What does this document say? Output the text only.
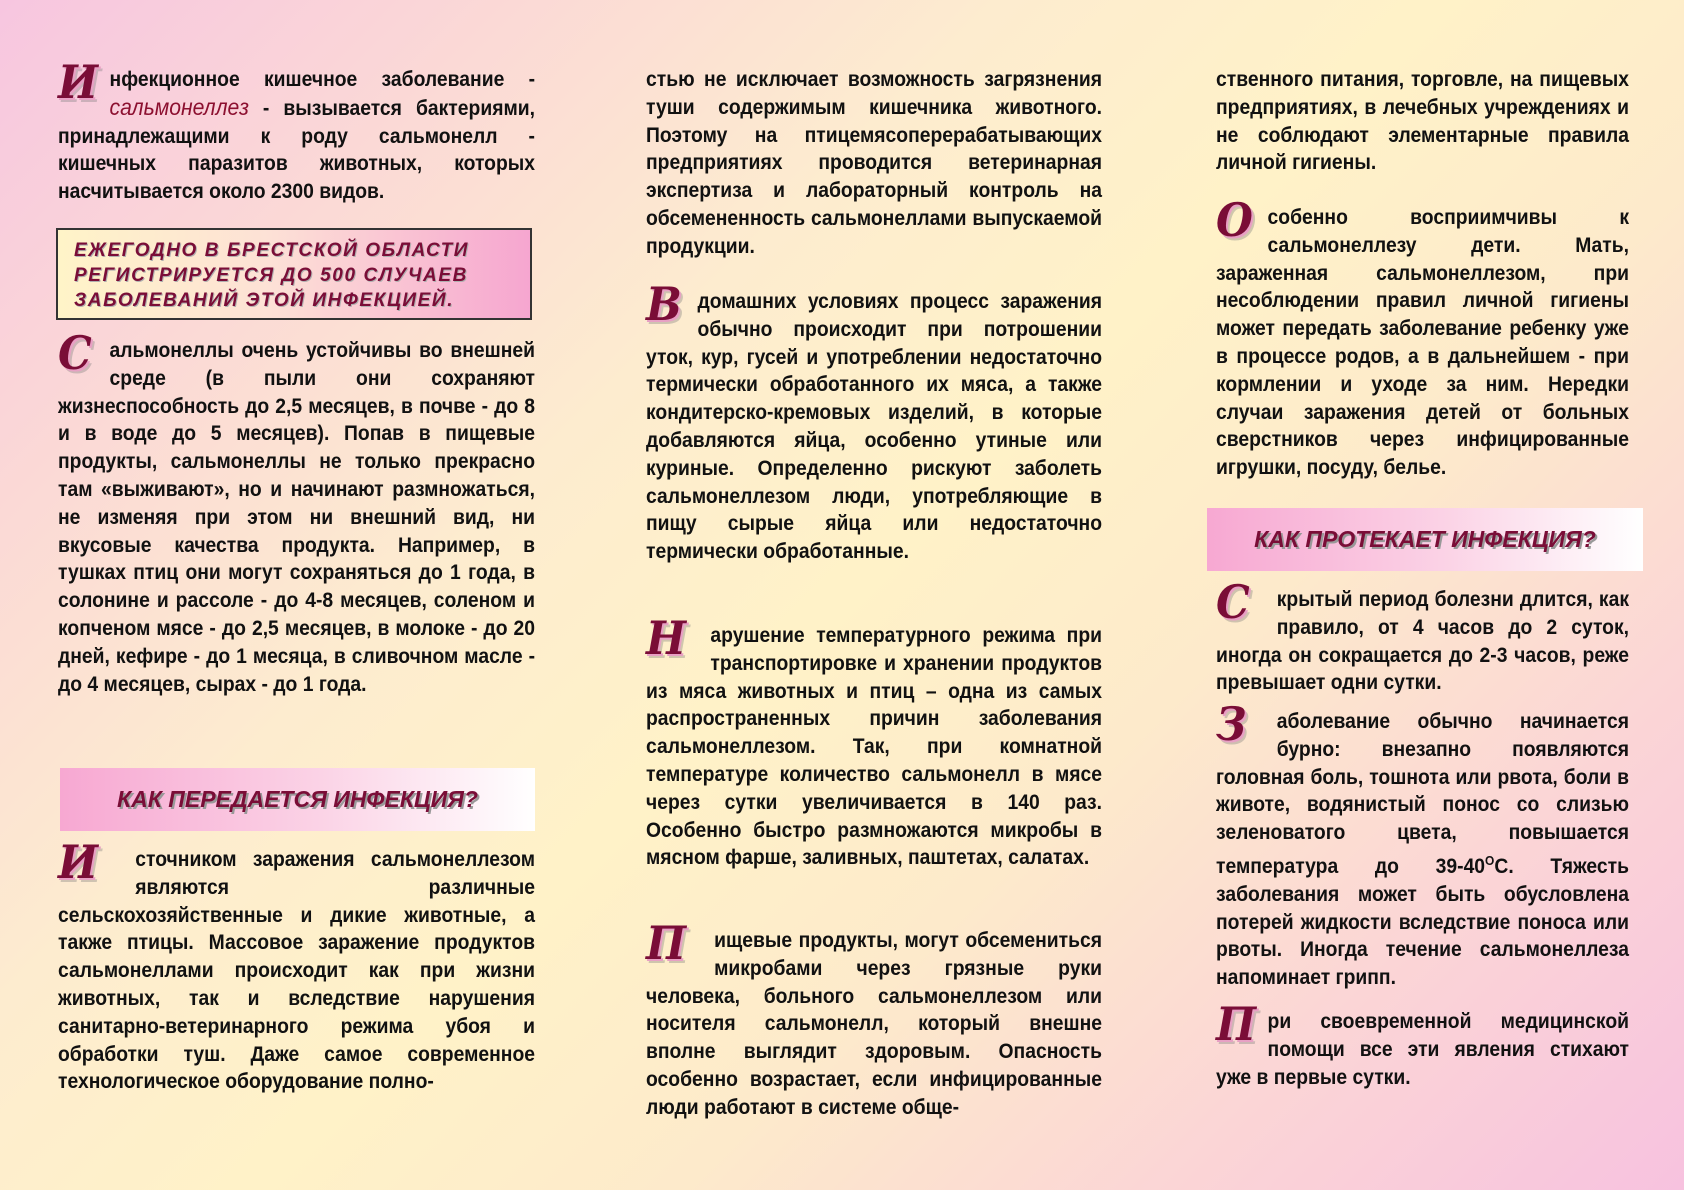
Инфекционное кишечное заболевание - сальмонеллез - вызывается бактериями, принадлежащими к роду сальмонелл - кишечных паразитов животных, которых насчитывается около 2300 видов.

ЕЖЕГОДНО В БРЕСТСКОЙ ОБЛАСТИ
РЕГИСТРИРУЕТСЯ ДО 500 СЛУЧАЕВ
ЗАБОЛЕВАНИЙ ЭТОЙ ИНФЕКЦИЕЙ.

Сальмонеллы очень устойчивы во внешней среде (в пыли они сохраняют жизнеспособность до 2,5 месяцев, в почве - до 8 и в воде до 5 месяцев). Попав в пищевые продукты, сальмонеллы не только прекрасно там «выживают», но и начинают размножаться, не изменяя при этом ни внешний вид, ни вкусовые качества продукта. Например, в тушках птиц они могут сохраняться до 1 года, в солонине и рассоле - до 4-8 месяцев, соленом и копченом мясе - до 2,5 месяцев, в молоке - до 20 дней, кефире - до 1 месяца, в сливочном масле - до 4 месяцев, сырах - до 1 года.

КАК ПЕРЕДАЕТСЯ ИНФЕКЦИЯ?

И сточником заражения сальмонеллезом являются различные сельскохозяйственные и дикие животные, а также птицы. Массовое заражение продуктов сальмонеллами происходит как при жизни животных, так и вследствие нарушения санитарно-ветеринарного режима убоя и обработки туш. Даже самое современное технологическое оборудование полно-

стью не исключает возможность загрязнения туши содержимым кишечника животного. Поэтому на птицемясоперерабатывающих предприятиях проводится ветеринарная экспертиза и лабораторный контроль на обсемененность сальмонеллами выпускаемой продукции.

В домашних условиях процесс заражения обычно происходит при потрошении уток, кур, гусей и употреблении недостаточно термически обработанного их мяса, а также кондитерско-кремовых изделий, в которые добавляются яйца, особенно утиные или куриные. Определенно рискуют заболеть сальмонеллезом люди, употребляющие в пищу сырые яйца или недостаточно термически обработанные.

Н арушение температурного режима при транспортировке и хранении продуктов из мяса животных и птиц – одна из самых распространенных причин заболевания сальмонеллезом. Так, при комнатной температуре количество сальмонелл в мясе через сутки увеличивается в 140 раз. Особенно быстро размножаются микробы в мясном фарше, заливных, паштетах, салатах.

П ищевые продукты, могут обсемениться микробами через грязные руки человека, больного сальмонеллезом или носителя сальмонелл, который внешне вполне выглядит здоровым. Опасность особенно возрастает, если инфицированные люди работают в системе обще-

ственного питания, торговле, на пищевых предприятиях, в лечебных учреждениях и не соблюдают элементарные правила личной гигиены.

Особенно восприимчивы к сальмонеллезу дети. Мать, зараженная сальмонеллезом, при несоблюдении правил личной гигиены может передать заболевание ребенку уже в процессе родов, а в дальнейшем - при кормлении и уходе за ним. Нередки случаи заражения детей от больных сверстников через инфицированные игрушки, посуду, белье.

КАК ПРОТЕКАЕТ ИНФЕКЦИЯ?

С	крытый период болезни длится, как правило, от 4 часов до 2 суток, иногда он сокращается до 2-3 часов, реже превышает одни сутки.

З	аболевание обычно начинается бурно: внезапно появляются головная боль, тошнота или рвота, боли в животе, водянистый понос со слизью зеленоватого цвета, повышается температура до $39-40^ОС$. Тяжесть заболевания может быть обусловлена потерей жидкости вследствие поноса или рвоты. Иногда течение сальмонеллеза напоминает грипп.

При своевременной медицинской помощи все эти явления стихают уже в первые сутки.
